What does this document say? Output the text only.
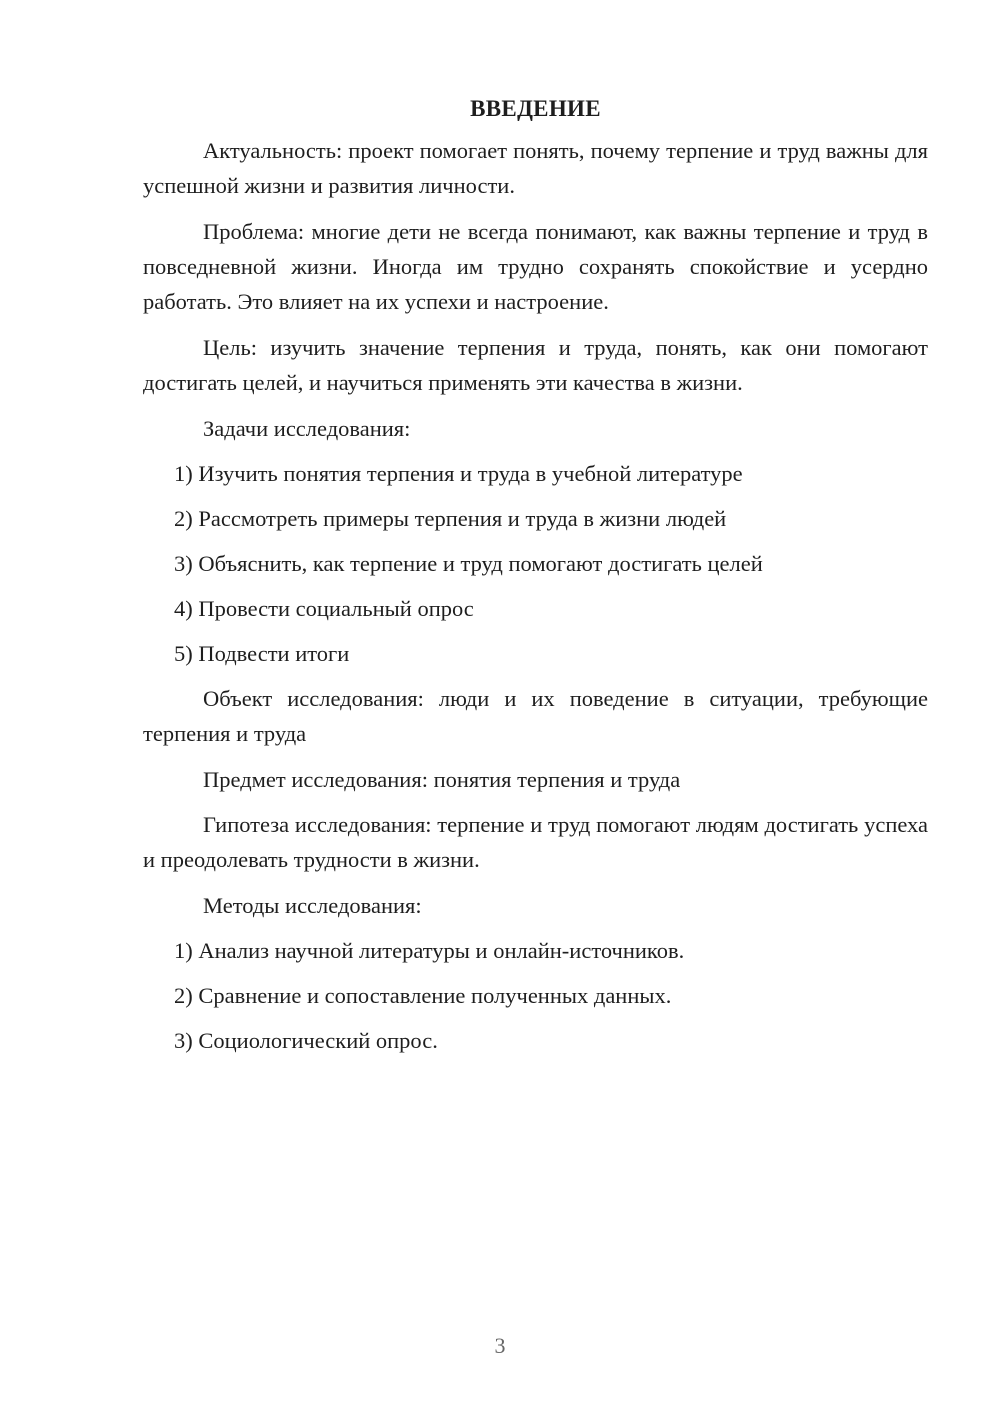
ВВЕДЕНИЕ

Актуальность: проект помогает понять, почему терпение и труд важны для успешной жизни и развития личности.

Проблема: многие дети не всегда понимают, как важны терпение и труд в повседневной жизни. Иногда им трудно сохранять спокойствие и усердно работать. Это влияет на их успехи и настроение.

Цель: изучить значение терпения и труда, понять, как они помогают достигать целей, и научиться применять эти качества в жизни.

Задачи исследования:

1) Изучить понятия терпения и труда в учебной литературе

2) Рассмотреть примеры терпения и труда в жизни людей

3) Объяснить, как терпение и труд помогают достигать целей

4) Провести социальный опрос

5) Подвести итоги

Объект исследования: люди и их поведение в ситуации, требующие терпения и труда

Предмет исследования: понятия терпения и труда

Гипотеза исследования: терпение и труд помогают людям достигать успеха и преодолевать трудности в жизни.

Методы исследования:

1) Анализ научной литературы и онлайн-источников.

2) Сравнение и сопоставление полученных данных.

3) Социологический опрос.

3
